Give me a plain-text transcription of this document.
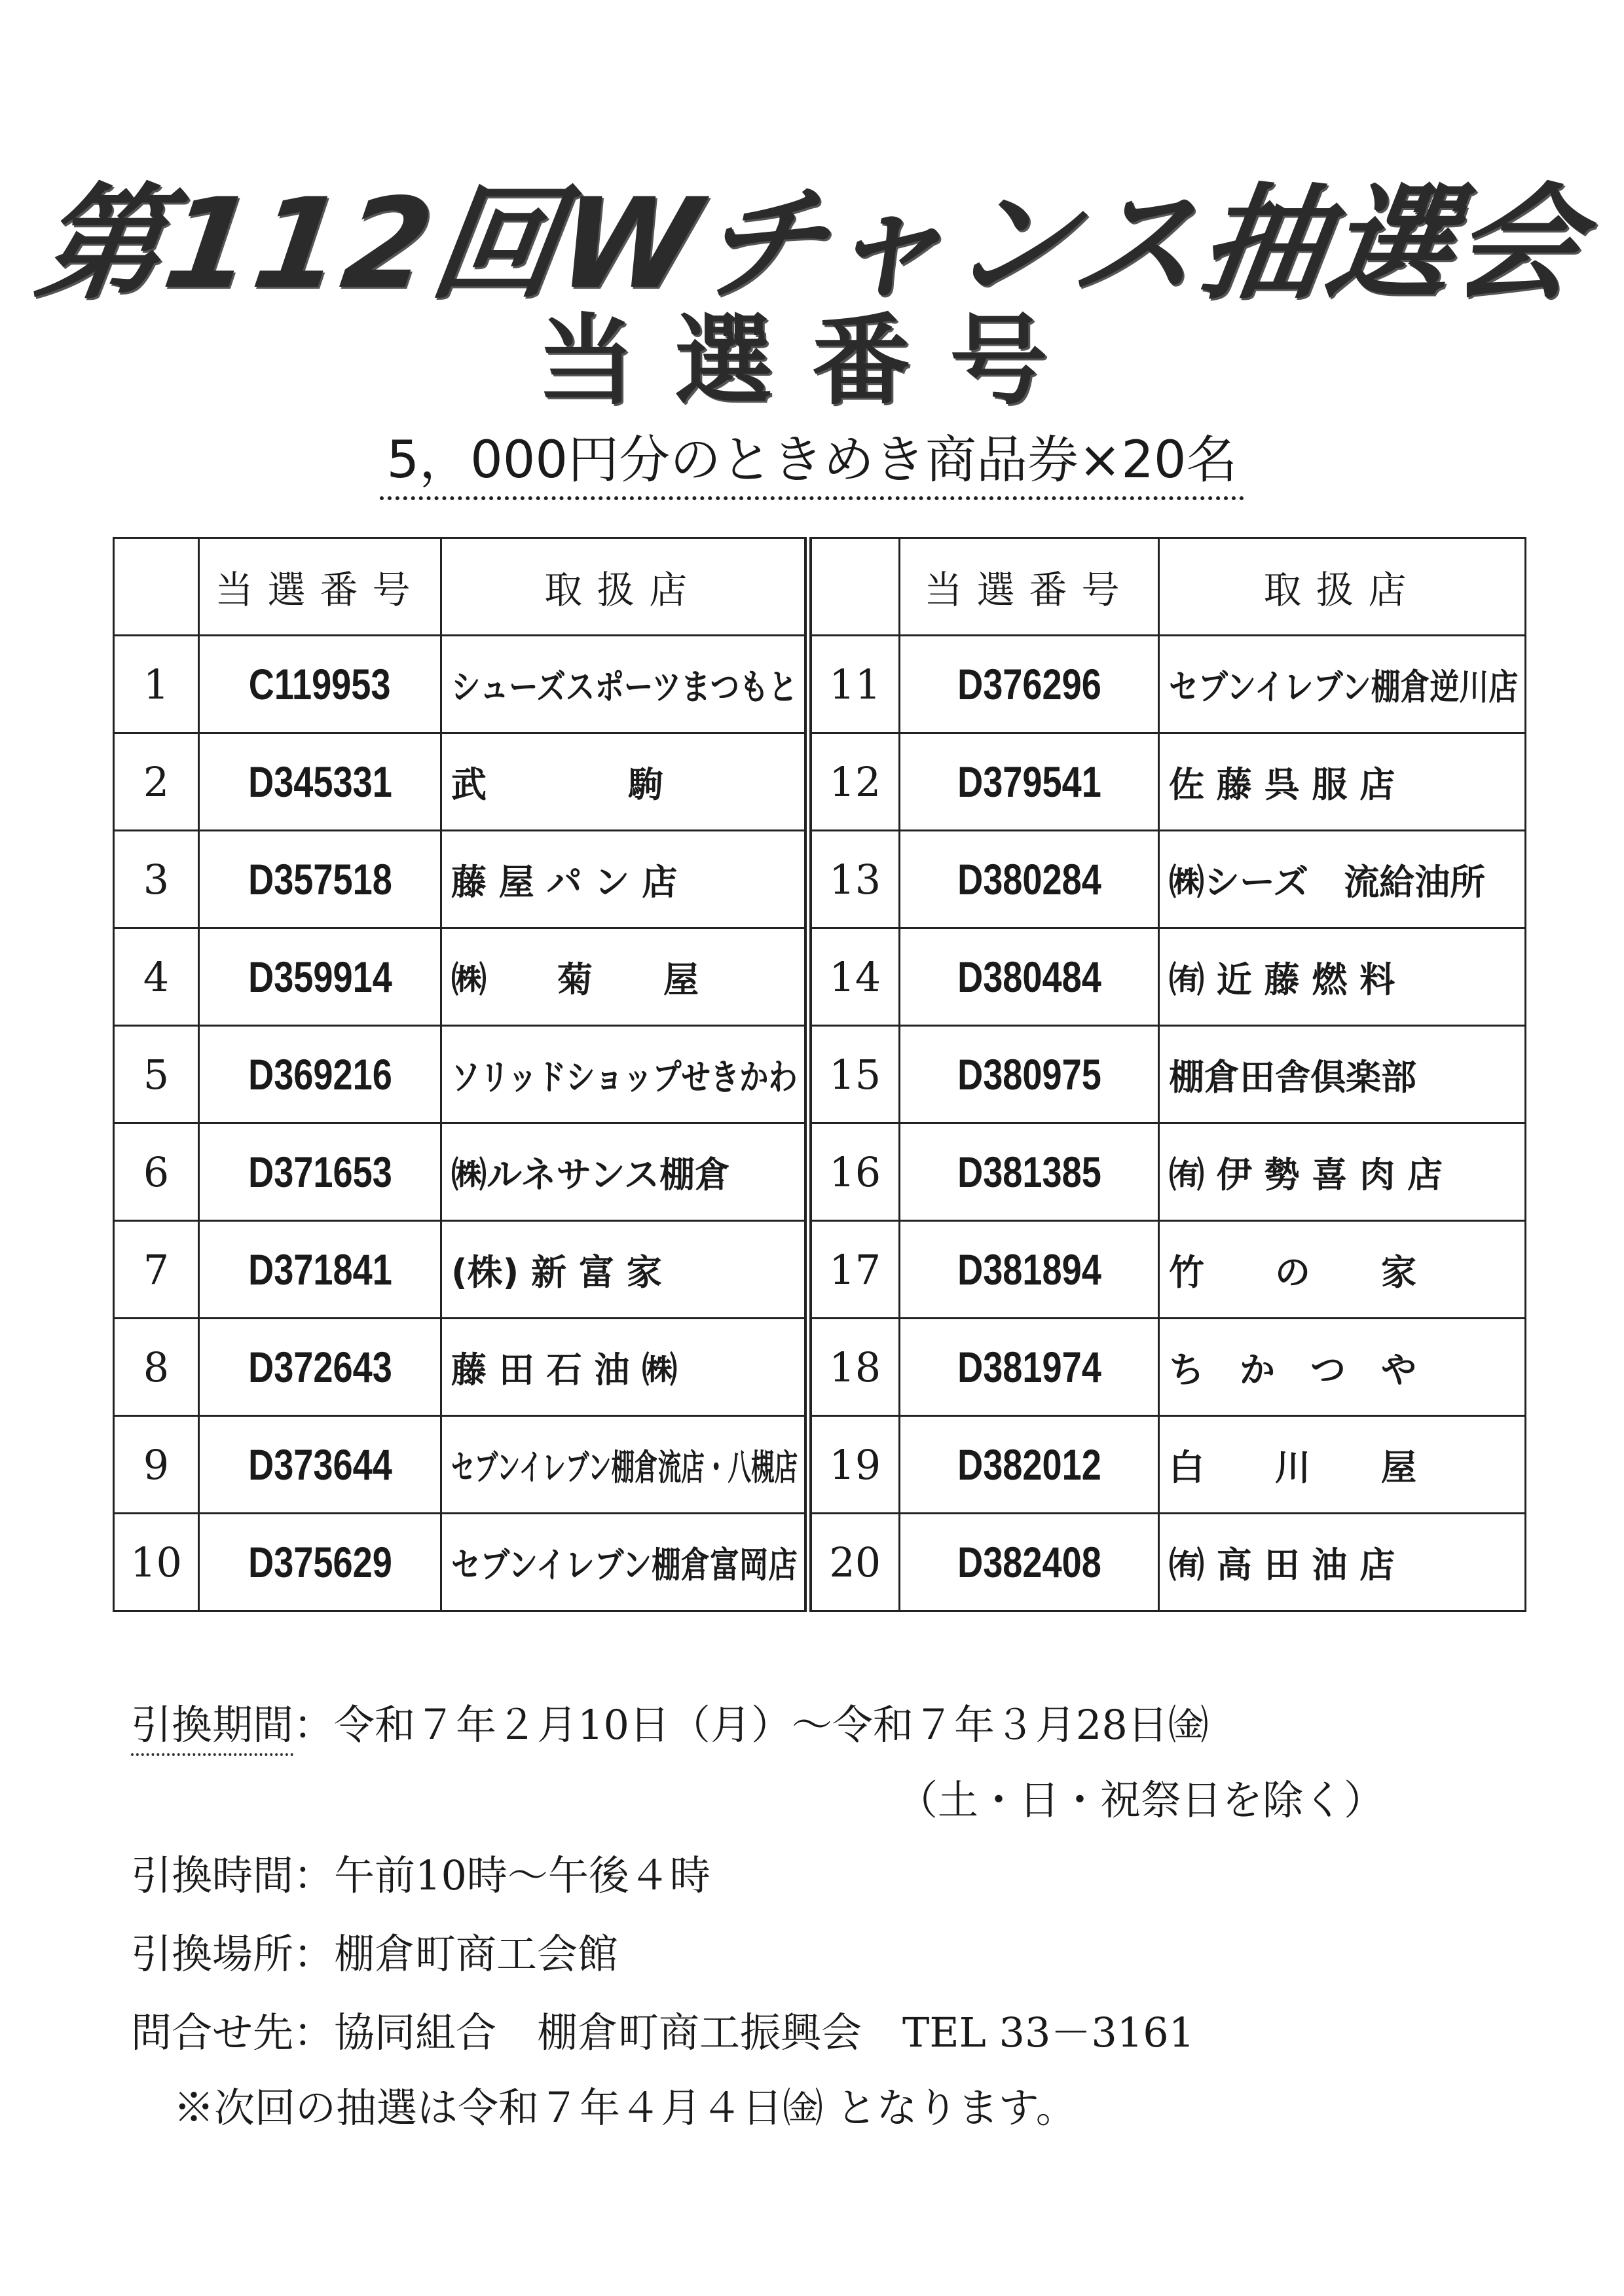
第112回Wチャンス抽選会
当選番号
5，000円分のときめき商品券×20名
	当選番号	取扱店		当選番号	取扱店
1	C119953	シューズスポーツまつもと	11	D376296	セブンイレブン棚倉逆川店
2	D345331	武　　　　駒	12	D379541	佐 藤 呉 服 店
3	D357518	藤 屋 パ ン 店	13	D380284	㈱シーズ　流給油所
4	D359914	㈱　　菊　　屋	14	D380484	㈲ 近 藤 燃 料
5	D369216	ソリッドショップせきかわ	15	D380975	棚倉田舎倶楽部
6	D371653	㈱ルネサンス棚倉	16	D381385	㈲ 伊 勢 喜 肉 店
7	D371841	(株) 新 富 家	17	D381894	竹　　の　　家
8	D372643	藤 田 石 油 ㈱	18	D381974	ち　か　つ　や
9	D373644	セブンイレブン棚倉流店・八槻店	19	D382012	白　　川　　屋
10	D375629	セブンイレブン棚倉富岡店	20	D382408	㈲ 高 田 油 店
引換期間：令和７年２月10日（月）～令和７年３月28日㈮
（土・日・祝祭日を除く）
引換時間：午前10時～午後４時
引換場所：棚倉町商工会館
問合せ先：協同組合　棚倉町商工振興会　TEL 33－3161
※次回の抽選は令和７年４月４日㈮ となります。
